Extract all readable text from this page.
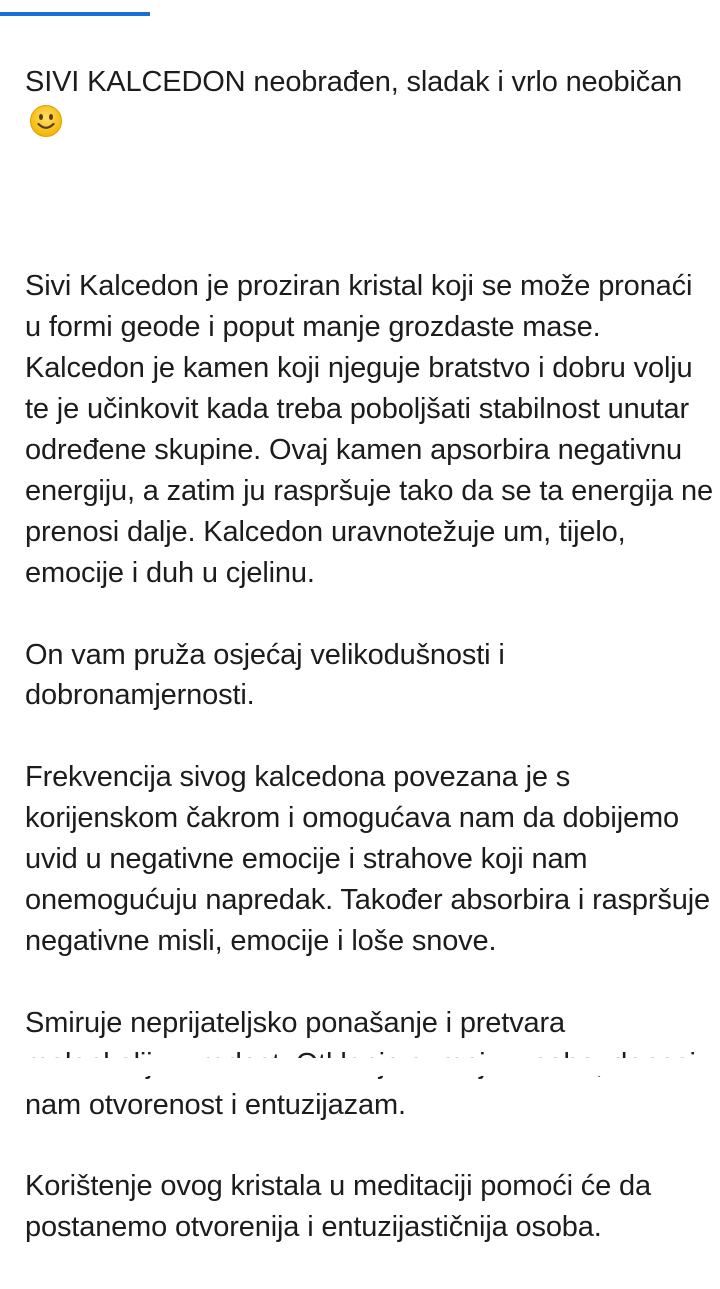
SIVI KALCEDON neobrađen, sladak i vrlo neobičan

Sivi Kalcedon je proziran kristal koji se može pronaći u formi geode i poput manje grozdaste mase. Kalcedon je kamen koji njeguje bratstvo i dobru volju te je učinkovit kada treba poboljšati stabilnost unutar određene skupine. Ovaj kamen apsorbira negativnu energiju, a zatim ju raspršuje tako da se ta energija ne prenosi dalje. Kalcedon uravnotežuje um, tijelo, emocije i duh u cjelinu.

On vam pruža osjećaj velikodušnosti i dobronamjernosti.

Frekvencija sivog kalcedona povezana je s korijenskom čakrom i omogućava nam da dobijemo uvid u negativne emocije i strahove koji nam onemogućuju napredak. Također absorbira i raspršuje negativne misli, emocije i loše snove.

Smiruje neprijateljsko ponašanje i pretvara nam otvorenost i entuzijazam.

Korištenje ovog kristala u meditaciji pomoći će da postanemo otvorenija i entuzijastičnija osoba.
